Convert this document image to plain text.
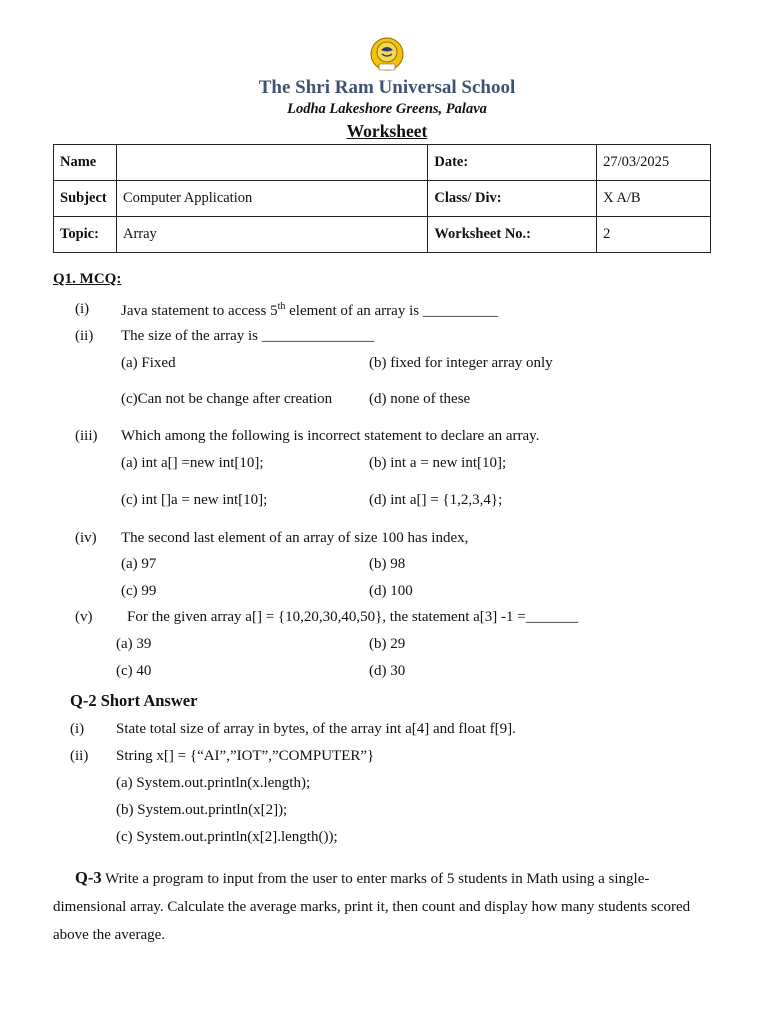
The Shri Ram Universal School
Lodha Lakeshore Greens, Palava
Worksheet
Name		Date:	27/03/2025
Subject	Computer Application	Class/ Div:	X A/B
Topic:	Array	Worksheet No.:	2
Q1. MCQ:
(i) Java statement to access 5th element of an array is __________
(ii) The size of the array is _______________
(a) Fixed	(b) fixed for integer array only
(c)Can not be change after creation (d) none of these
(iii) Which among the following is incorrect statement to declare an array.
(a) int a[] =new int[10];	(b) int a = new int[10];
(c) int []a = new int[10];	(d) int a[] = {1,2,3,4};
(iv) The second last element of an array of size 100 has index,
(a) 97	(b) 98
(c) 99	(d) 100
(v) For the given array a[] = {10,20,30,40,50}, the statement a[3] -1 =_______
(a) 39	(b) 29
(c) 40	(d) 30
Q-2 Short Answer
(i) State total size of array in bytes, of the array int a[4] and float f[9].
(ii) String x[] = {“AI”,”IOT”,”COMPUTER”}
(a) System.out.println(x.length);
(b) System.out.println(x[2]);
(c) System.out.println(x[2].length());
Q-3 Write a program to input from the user to enter marks of 5 students in Math using a single-dimensional array. Calculate the average marks, print it, then count and display how many students scored above the average.
